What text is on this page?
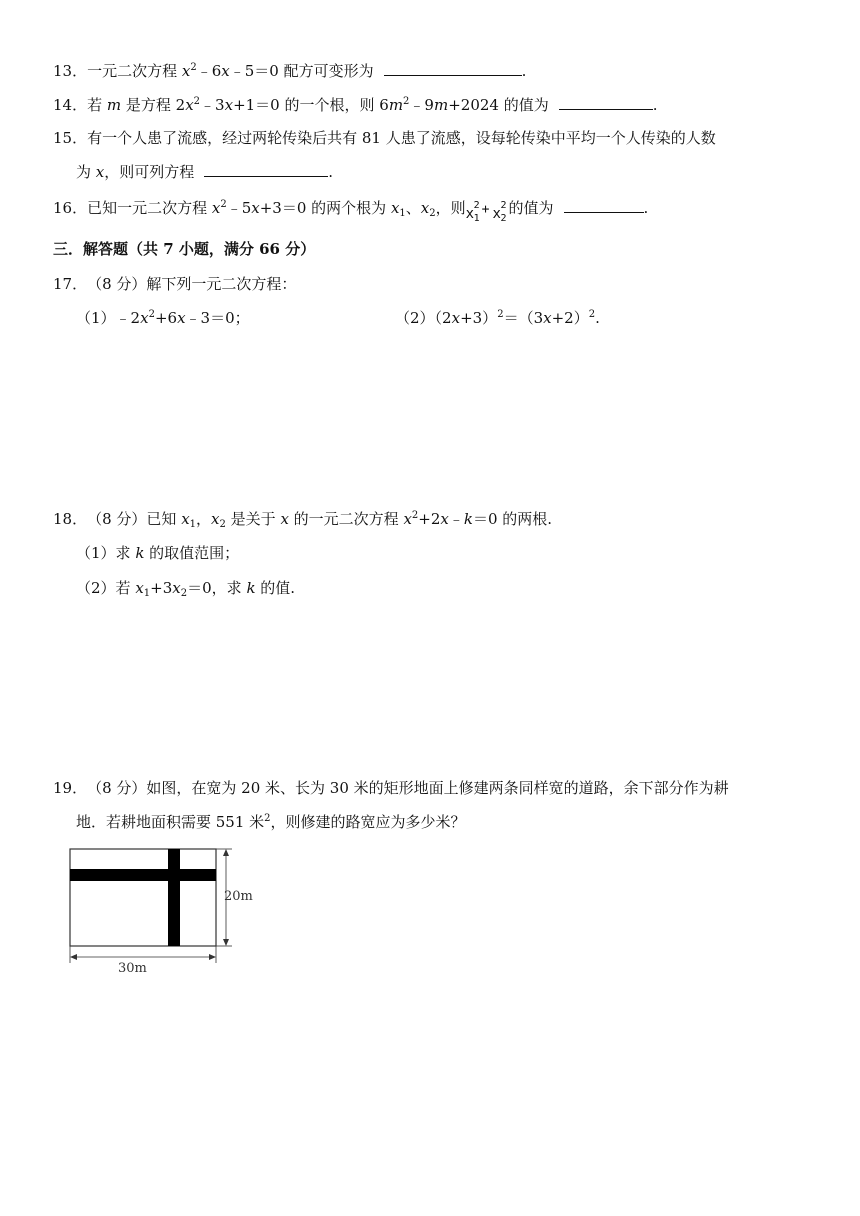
13．一元二次方程 $x^2﹣6x﹣5=0$ 配方可变形为	.
14．若 m 是方程 $2x^2﹣3x+1=0$ 的一个根，则 $6m^2﹣9m+2024$ 的值为	.
15．有一个人患了流感，经过两轮传染后共有 81 人患了流感，设每轮传染中平均一个人传染的人数
为 x，则可列方程	.
16．已知一元二次方程 $x^2﹣5x+3=0$ 的两个根为 $x_1$、$x_2$，则 x
2
1
+ x
2
2
的值为	.
三．解答题（共 7 小题，满分 66 分）
17．（8 分）解下列一元二次方程：
$(1)﹣2x^2+6x﹣3=0$；	$(2)(2x+3)^2=(3x+2)^2$.
18．（8 分）已知 $x_1$，$x_2$ 是关于 x 的一元二次方程 $x^2+2x﹣k=0$ 的两根.
（1）求 k 的取值范围；
（2）若 $x_1+3x_2=0$，求 k 的值.
19．（8 分）如图，在宽为 20 米、长为 30 米的矩形地面上修建两条同样宽的道路，余下部分作为耕
地．若耕地面积需要 551 米$^2$，则修建的路宽应为多少米？
20m
30m
